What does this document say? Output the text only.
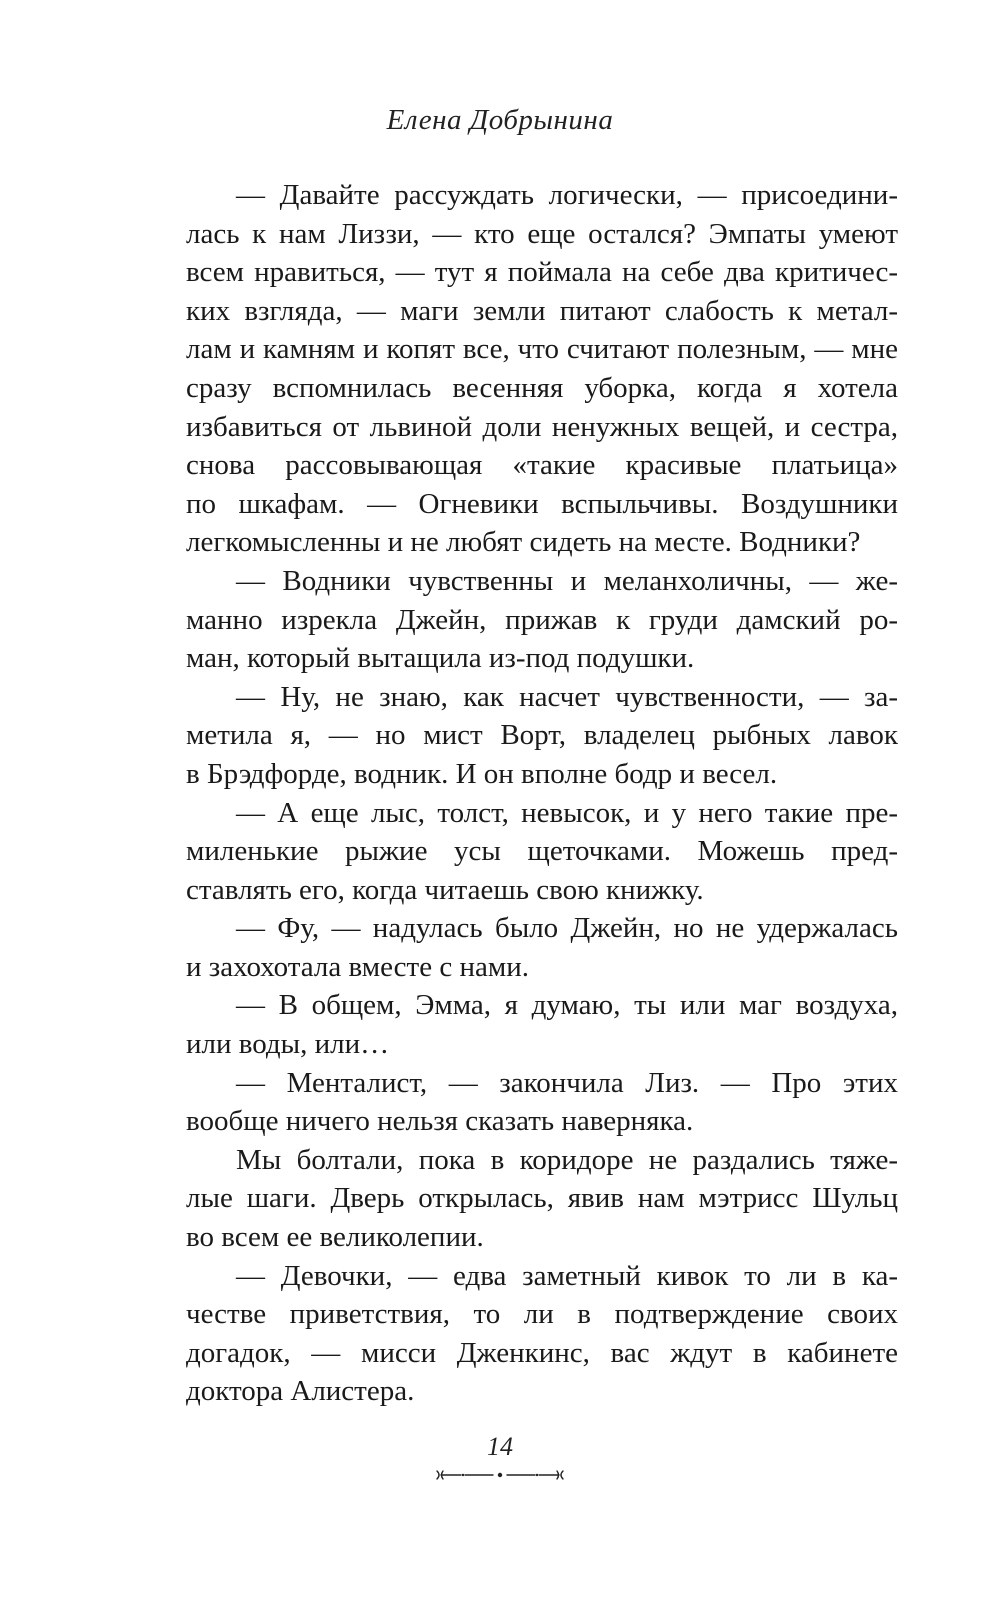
Елена Добрынина
— Давайте рассуждать логически, — присоедини-
лась к нам Лиззи, — кто еще остался? Эмпаты умеют
всем нравиться, — тут я поймала на себе два критичес-
ких взгляда, — маги земли питают слабость к метал-
лам и камням и копят все, что считают полезным, — мне
сразу вспомнилась весенняя уборка, когда я хотела
избавиться от львиной доли ненужных вещей, и сестра,
снова рассовывающая «такие красивые платьица»
по шкафам. — Огневики вспыльчивы. Воздушники
легкомысленны и не любят сидеть на месте. Водники?
— Водники чувственны и меланхоличны, — же-
манно изрекла Джейн, прижав к груди дамский ро-
ман, который вытащила из-под подушки.
— Ну, не знаю, как насчет чувственности, — за-
метила я, — но мист Ворт, владелец рыбных лавок
в Брэдфорде, водник. И он вполне бодр и весел.
— А еще лыс, толст, невысок, и у него такие пре-
миленькие рыжие усы щеточками. Можешь пред-
ставлять его, когда читаешь свою книжку.
— Фу, — надулась было Джейн, но не удержалась
и захохотала вместе с нами.
— В общем, Эмма, я думаю, ты или маг воздуха,
или воды, или…
— Менталист, — закончила Лиз. — Про этих
вообще ничего нельзя сказать наверняка.
Мы болтали, пока в коридоре не раздались тяже-
лые шаги. Дверь открылась, явив нам мэтрисс Шульц
во всем ее великолепии.
— Девочки, — едва заметный кивок то ли в ка-
честве приветствия, то ли в подтверждение своих
догадок, — мисси Дженкинс, вас ждут в кабинете
доктора Алистера.
14
